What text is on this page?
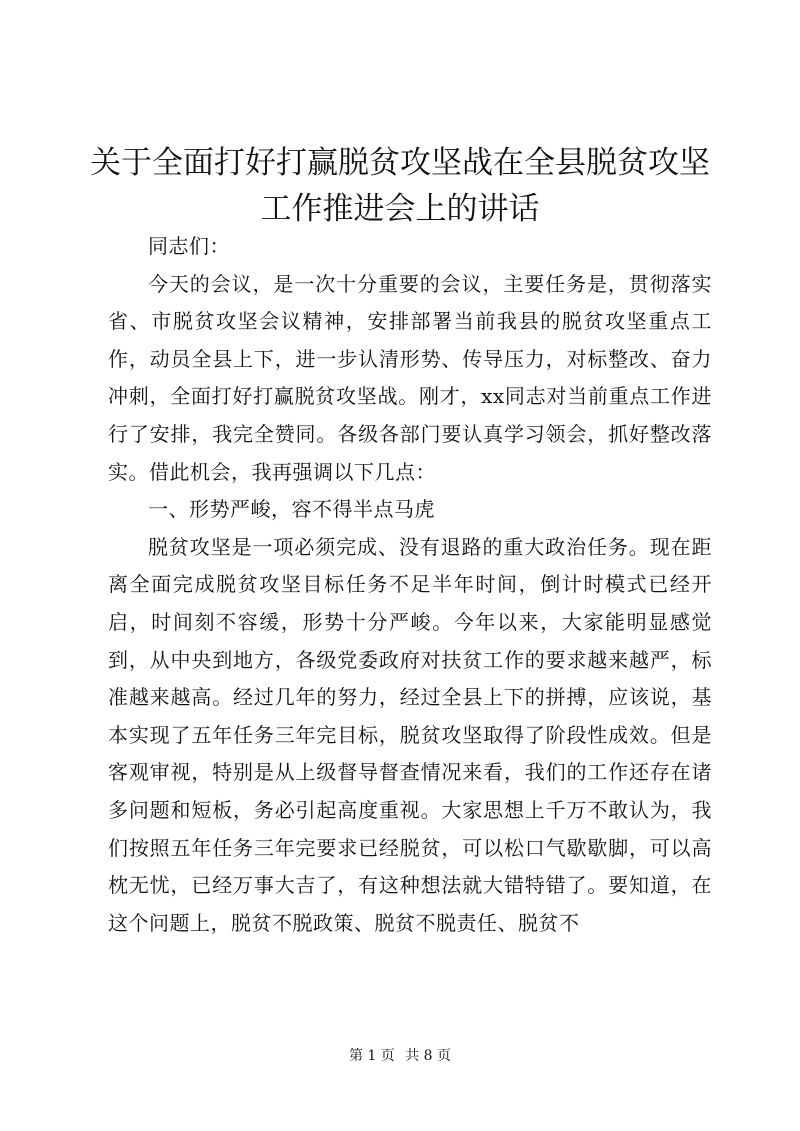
关于全面打好打赢脱贫攻坚战在全县脱贫攻坚
工作推进会上的讲话

同志们：

今天的会议，是一次十分重要的会议，主要任务是，贯彻落实省、市脱贫攻坚会议精神，安排部署当前我县的脱贫攻坚重点工作，动员全县上下，进一步认清形势、传导压力，对标整改、奋力冲刺，全面打好打赢脱贫攻坚战。刚才，xx同志对当前重点工作进行了安排，我完全赞同。各级各部门要认真学习领会，抓好整改落实。借此机会，我再强调以下几点：

一、形势严峻，容不得半点马虎

脱贫攻坚是一项必须完成、没有退路的重大政治任务。现在距离全面完成脱贫攻坚目标任务不足半年时间，倒计时模式已经开启，时间刻不容缓，形势十分严峻。今年以来，大家能明显感觉到，从中央到地方，各级党委政府对扶贫工作的要求越来越严，标准越来越高。经过几年的努力，经过全县上下的拼搏，应该说，基本实现了五年任务三年完目标，脱贫攻坚取得了阶段性成效。但是客观审视，特别是从上级督导督查情况来看，我们的工作还存在诸多问题和短板，务必引起高度重视。大家思想上千万不敢认为，我们按照五年任务三年完要求已经脱贫，可以松口气歇歇脚，可以高枕无忧，已经万事大吉了，有这种想法就大错特错了。要知道，在这个问题上，脱贫不脱政策、脱贫不脱责任、脱贫不

第 1 页 共 8 页
